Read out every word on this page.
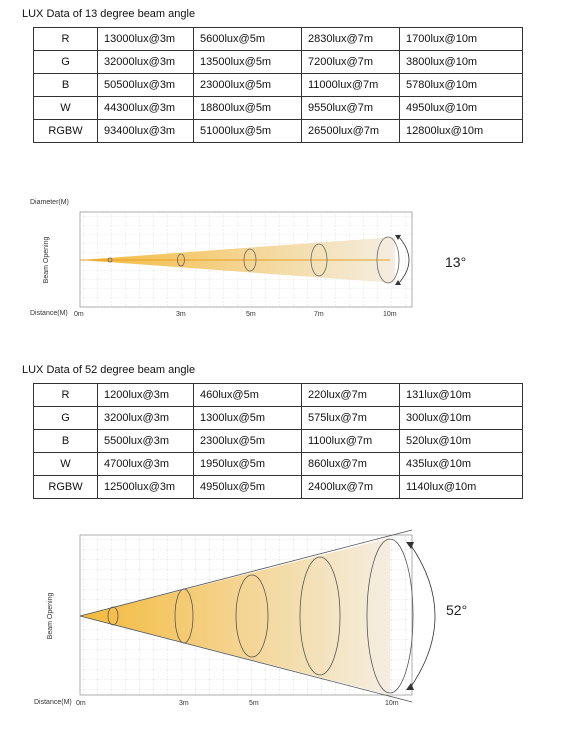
LUX Data of 13 degree beam angle
R	13000lux@3m	5600lux@5m	2830lux@7m	1700lux@10m
G	32000lux@3m	13500lux@5m	7200lux@7m	3800lux@10m
B	50500lux@3m	23000lux@5m	11000lux@7m	5780lux@10m
W	44300lux@3m	18800lux@5m	9550lux@7m	4950lux@10m
RGBW	93400lux@3m	51000lux@5m	26500lux@7m	12800lux@10m
Diameter(M)
Beam Opening
Distance(M) 0m	3m	5m	7m	10m
13°
LUX Data of 52 degree beam angle
R	1200lux@3m	460lux@5m	220lux@7m	131lux@10m
G	3200lux@3m	1300lux@5m	575lux@7m	300lux@10m
B	5500lux@3m	2300lux@5m	1100lux@7m	520lux@10m
W	4700lux@3m	1950lux@5m	860lux@7m	435lux@10m
RGBW	12500lux@3m	4950lux@5m	2400lux@7m	1140lux@10m
Beam Opening
Distance(M) 0m	3m	5m	10m
52°
